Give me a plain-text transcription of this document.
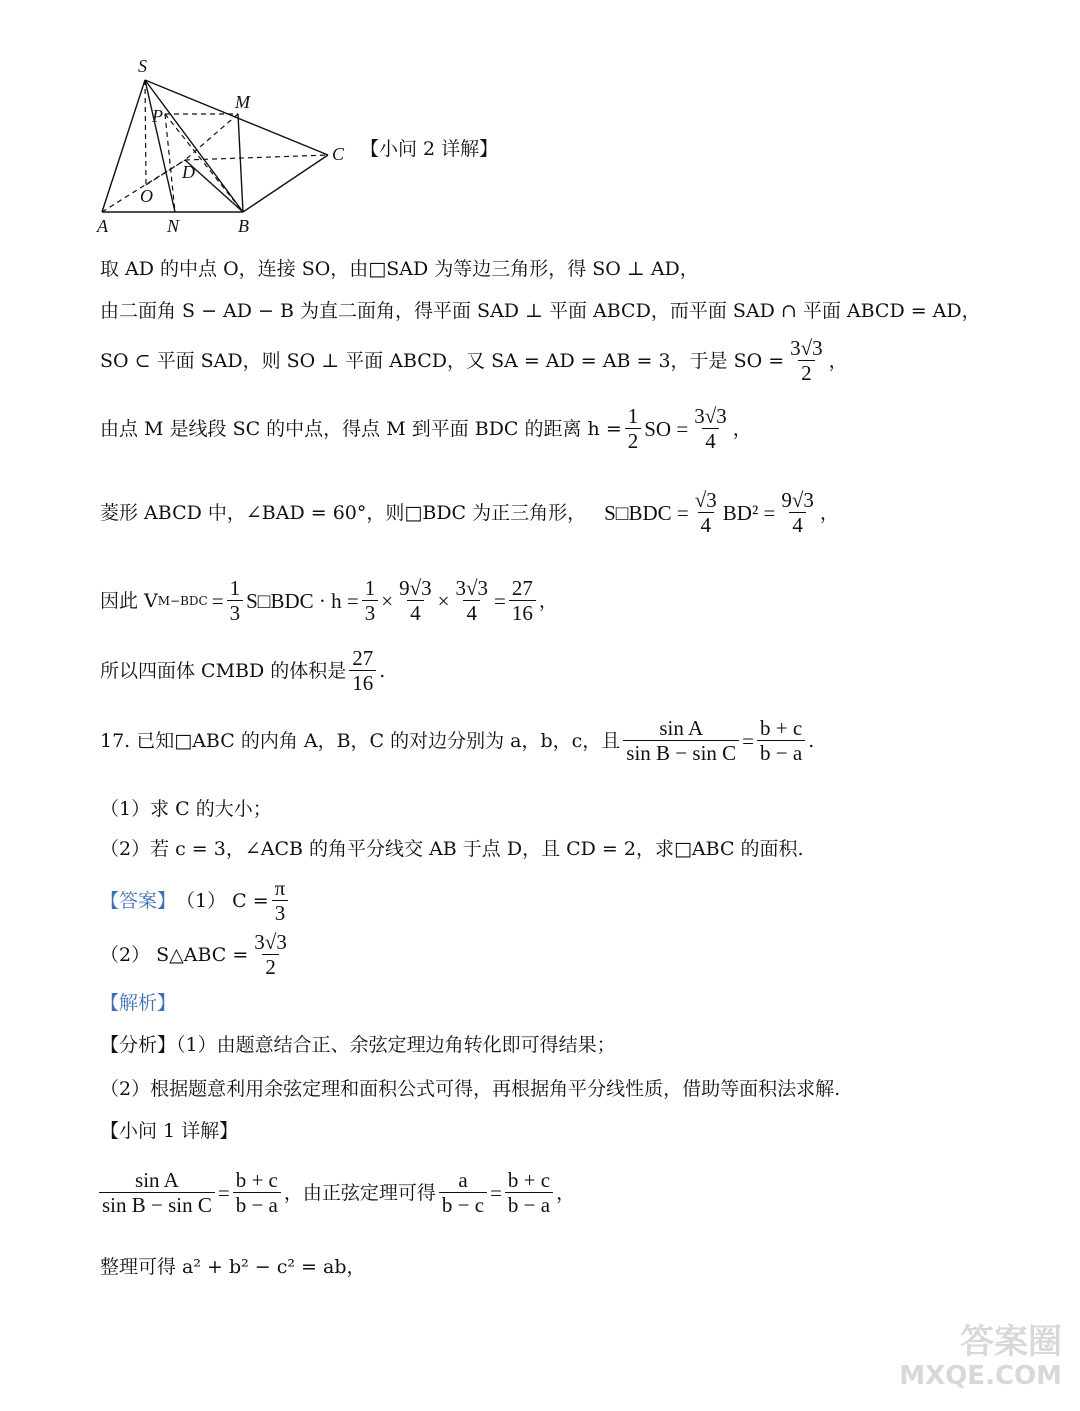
S
M
P
C
D
O
A	N	B
【小问 2 详解】
取 AD 的中点 O，连接 SO，由□SAD 为等边三角形，得 SO ⊥ AD，
由二面角 S − AD − B 为直二面角，得平面 SAD ⊥ 平面 ABCD，而平面 SAD ∩ 平面 ABCD = AD，
SO ⊂ 平面 SAD，则 SO ⊥ 平面 ABCD，又 SA = AD = AB = 3，于是 SO = $\frac{3√3}{2}$ ，
由点 M 是线段 SC 的中点，得点 M 到平面 BDC 的距离 $h = \frac{1}{2}$ SO = $\frac{3√3}{4}$ ，
菱形 ABCD 中，∠BAD = 60°，则□BDC 为正三角形， S□BDC = $\frac{√3}{4} BD^2 = \frac{9√3}{4}$ ，
因此 V $M-BDC = \frac{1}{3}$ S□BDC · $h = \frac{1}{3} \times \frac{9√3}{4} \times \frac{3√3}{4} = \frac{27}{16}$ ，
所以四面体 CMBD 的体积是 $\frac{27}{16}$ .
17. 已知□ABC 的内角 A，B，C 的对边分别为 a，b，c，且 $\frac{\text{sin A}}{\text{sin B − sin C}} = \frac{b + c}{b - a}$ .
（1）求 C 的大小；
（2）若 c = 3，∠ACB 的角平分线交 AB 于点 D，且 CD = 2，求□ABC 的面积.
【答案】 （1） $C = \frac{\pi}{3}$
（2） S△ABC = $\frac{3√3}{2}$
【解析】
【分析】（1）由题意结合正、余弦定理边角转化即可得结果；
（2）根据题意利用余弦定理和面积公式可得，再根据角平分线性质，借助等面积法求解.
【小问 1 详解】
$\frac{\text{sin A}}{\text{sin B − sin C}} = \frac{b + c}{b - a}$ ，由正弦定理可得 $\frac{a}{b - c} = \frac{b + c}{b - a}$ ，
整理可得 a² + b² − c² = ab，
答案圈
MXQE.COM
